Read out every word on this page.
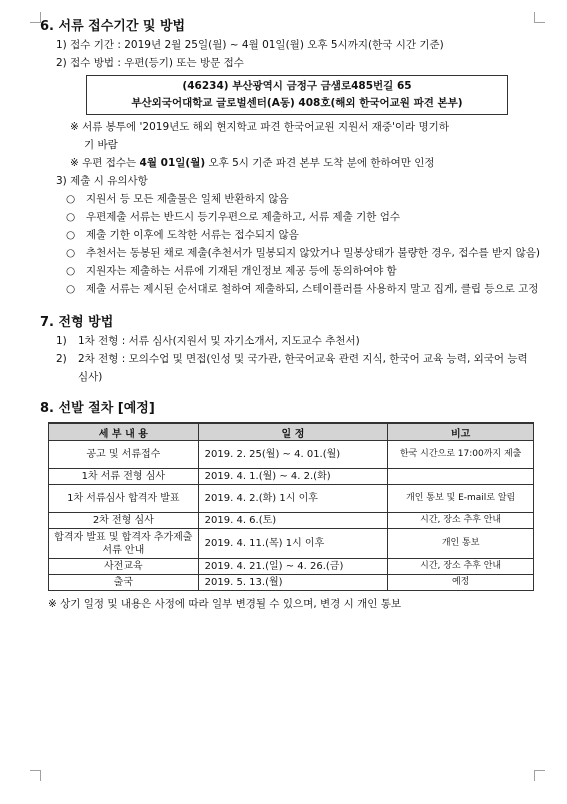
6. 서류 접수기간 및 방법

1) 접수 기간 : 2019년 2월 25일(월) ~ 4월 01일(월) 오후 5시까지(한국 시간 기준)

2) 접수 방법 : 우편(등기) 또는 방문 접수

(46234) 부산광역시 금정구 금샘로485번길 65
부산외국어대학교 글로벌센터(A동) 408호(해외 한국어교원 파견 본부)

※ 서류 봉투에 '2019년도 해외 현지학교 파견 한국어교원 지원서 재중'이라 명기하

기 바람

※ 우편 접수는 4월 01일(월) 오후 5시 기준 파견 본부 도착 분에 한하여만 인정

3) 제출 시 유의사항

○	지원서 등 모든 제출물은 일체 반환하지 않음
○	우편제출 서류는 반드시 등기우편으로 제출하고, 서류 제출 기한 엄수
○	제출 기한 이후에 도착한 서류는 접수되지 않음
○	추천서는 동봉된 채로 제출(추천서가 밀봉되지 않았거나 밀봉상태가 불량한 경우, 접수를 받지 않음)
○	지원자는 제출하는 서류에 기재된 개인정보 제공 등에 동의하여야 함
○	제출 서류는 제시된 순서대로 철하여 제출하되, 스테이플러를 사용하지 말고 집게, 클립 등으로 고정

7. 전형 방법

1)	1차 전형 : 서류 심사(지원서 및 자기소개서, 지도교수 추천서)
2)	2차 전형 : 모의수업 및 면접(인성 및 국가관, 한국어교육 관련 지식, 한국어 교육 능력, 외국어 능력 심사)

8. 선발 절차 [예정]

세 부 내 용	일 정	비고
공고 및 서류접수	2019. 2. 25(월) ~ 4. 01.(월)	한국 시간으로 17:00까지 제출
1차 서류 전형 심사	2019. 4. 1.(월) ~ 4. 2.(화)	
1차 서류심사 합격자 발표	2019. 4. 2.(화) 1시 이후	개인 통보 및 E-mail로 알림
2차 전형 심사	2019. 4. 6.(토)	시간, 장소 추후 안내
합격자 발표 및 합격자 추가제출서류 안내	2019. 4. 11.(목) 1시 이후	개인 통보
사전교육	2019. 4. 21.(일) ~ 4. 26.(금)	시간, 장소 추후 안내
출국	2019. 5. 13.(월)	예정

※ 상기 일정 및 내용은 사정에 따라 일부 변경될 수 있으며, 변경 시 개인 통보
